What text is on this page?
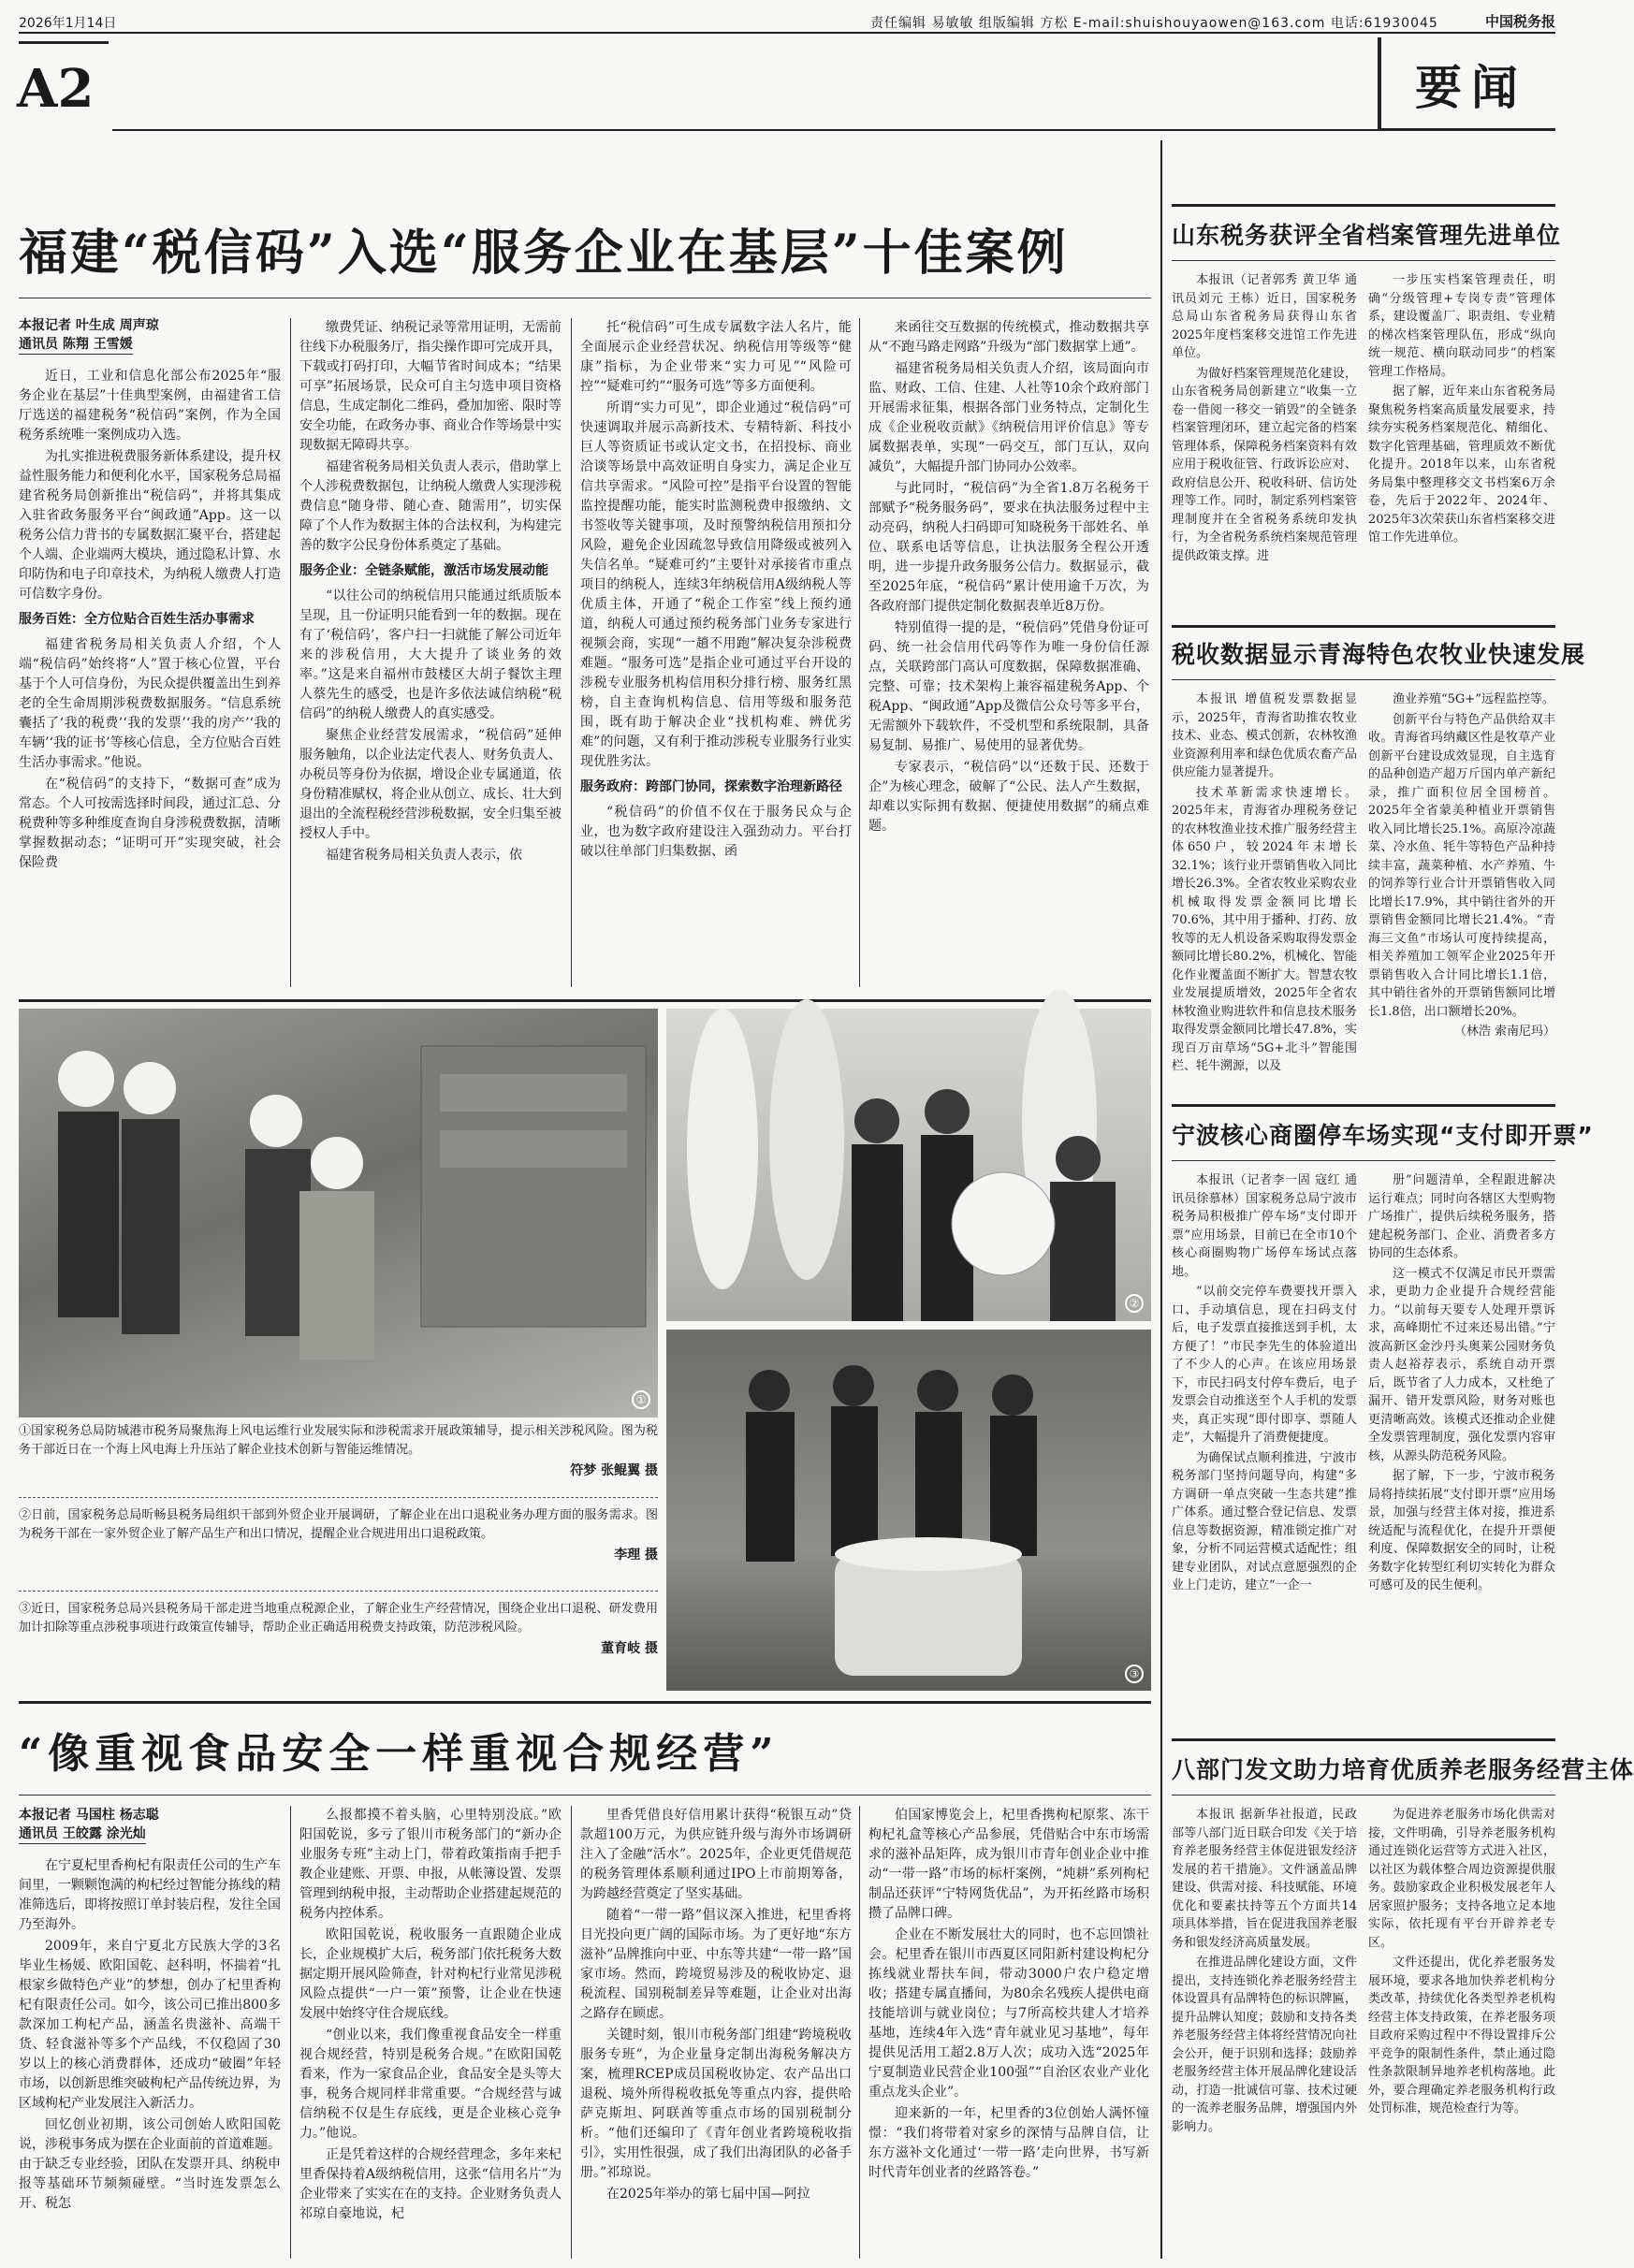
2026年1月14日	责任编辑 易敏敏 组版编辑 方松 E-mail:shuishouyaowen@163.com 电话:61930045	中国税务报
A2	要闻
福建“税信码”入选“服务企业在基层”十佳案例
本报记者 叶生成 周声琼
通讯员 陈翔 王雪媛

近日，工业和信息化部公布2025年“服务企业在基层”十佳典型案例，由福建省工信厅选送的福建税务“税信码”案例，作为全国税务系统唯一案例成功入选。

为扎实推进税费服务新体系建设，提升权益性服务能力和便利化水平，国家税务总局福建省税务局创新推出“税信码”，并将其集成入驻省政务服务平台“闽政通”App。这一以税务公信力背书的专属数据汇聚平台，搭建起个人端、企业端两大模块，通过隐私计算、水印防伪和电子印章技术，为纳税人缴费人打造可信数字身份。

服务百姓：全方位贴合百姓生活办事需求

福建省税务局相关负责人介绍，个人端“税信码”始终将“人”置于核心位置，平台基于个人可信身份，为民众提供覆盖出生到养老的全生命周期涉税费数据服务。“信息系统囊括了‘我的税费’‘我的发票’‘我的房产’‘我的车辆’‘我的证书’等核心信息，全方位贴合百姓生活办事需求。”他说。

在“税信码”的支持下，“数据可查”成为常态。个人可按需选择时间段，通过汇总、分税费种等多种维度查询自身涉税费数据，清晰掌握数据动态；“证明可开”实现突破，社会保险费

缴费凭证、纳税记录等常用证明，无需前往线下办税服务厅，指尖操作即可完成开具，下载或打码打印，大幅节省时间成本；“结果可享”拓展场景，民众可自主匀选申项目资格信息，生成定制化二维码，叠加加密、限时等安全功能，在政务办事、商业合作等场景中实现数据无障碍共享。

福建省税务局相关负责人表示，借助掌上个人涉税费数据包，让纳税人缴费人实现涉税费信息“随身带、随心查、随需用”，切实保障了个人作为数据主体的合法权利，为构建完善的数字公民身份体系奠定了基础。

服务企业：全链条赋能，激活市场发展动能

“以往公司的纳税信用只能通过纸质版本呈现，且一份证明只能看到一年的数据。现在有了‘税信码’，客户扫一扫就能了解公司近年来的涉税信用，大大提升了谈业务的效率。”这是来自福州市鼓楼区大胡子餐饮主理人蔡先生的感受，也是许多依法诚信纳税“税信码”的纳税人缴费人的真实感受。

聚焦企业经营发展需求，“税信码”延伸服务触角，以企业法定代表人、财务负责人、办税员等身份为依据，增设企业专属通道，依身份精准赋权，将企业从创立、成长、壮大到退出的全流程税经营涉税数据，安全归集至被授权人手中。

福建省税务局相关负责人表示，依

托“税信码”可生成专属数字法人名片，能全面展示企业经营状况、纳税信用等级等“健康”指标，为企业带来“实力可见”“风险可控”“疑难可约”“服务可选”等多方面便利。

所谓“实力可见”，即企业通过“税信码”可快速调取并展示高新技术、专精特新、科技小巨人等资质证书或认定文书，在招投标、商业洽谈等场景中高效证明自身实力，满足企业互信共享需求。“风险可控”是指平台设置的智能监控提醒功能，能实时监测税费申报缴纳、文书签收等关键事项，及时预警纳税信用预扣分风险，避免企业因疏忽导致信用降级或被列入失信名单。“疑难可约”主要针对承接省市重点项目的纳税人，连续3年纳税信用A级纳税人等优质主体，开通了“税企工作室”线上预约通道，纳税人可通过预约税务部门业务专家进行视频会商，实现“一趟不用跑”解决复杂涉税费难题。“服务可选”是指企业可通过平台开设的涉税专业服务机构信用积分排行榜、服务红黑榜，自主查询机构信息、信用等级和服务范围，既有助于解决企业“找机构难、辨优劣难”的问题，又有利于推动涉税专业服务行业实现优胜劣汰。

服务政府：跨部门协同，探索数字治理新路径

“税信码”的价值不仅在于服务民众与企业，也为数字政府建设注入强劲动力。平台打破以往单部门归集数据、函

来函往交互数据的传统模式，推动数据共享从“不跑马路走网路”升级为“部门数据掌上通”。

福建省税务局相关负责人介绍，该局面向市监、财政、工信、住建、人社等10余个政府部门开展需求征集，根据各部门业务特点，定制化生成《企业税收贡献》《纳税信用评价信息》等专属数据表单，实现“一码交互，部门互认，双向减负”，大幅提升部门协同办公效率。

与此同时，“税信码”为全省1.8万名税务干部赋予“税务服务码”，要求在执法服务过程中主动亮码，纳税人扫码即可知晓税务干部姓名、单位、联系电话等信息，让执法服务全程公开透明，进一步提升政务服务公信力。数据显示，截至2025年底，“税信码”累计使用逾千万次，为各政府部门提供定制化数据表单近8万份。

特别值得一提的是，“税信码”凭借身份证可码、统一社会信用代码等作为唯一身份信任源点，关联跨部门高认可度数据，保障数据准确、完整、可靠；技术架构上兼容福建税务App、个税App、“闽政通”App及微信公众号等多平台，无需额外下载软件，不受机型和系统限制，具备易复制、易推广、易使用的显著优势。

专家表示，“税信码”以“还数于民、还数于企”为核心理念，破解了“公民、法人产生数据，却难以实际拥有数据、便捷使用数据”的痛点难题。

①
②
③
①国家税务总局防城港市税务局聚焦海上风电运维行业发展实际和涉税需求开展政策辅导，提示相关涉税风险。图为税务干部近日在一个海上风电海上升压站了解企业技术创新与智能运维情况。
符梦 张鲲翼 摄
②日前，国家税务总局昕畅县税务局组织干部到外贸企业开展调研，了解企业在出口退税业务办理方面的服务需求。图为税务干部在一家外贸企业了解产品生产和出口情况，提醒企业合规进用出口退税政策。
李理 摄
③近日，国家税务总局兴县税务局干部走进当地重点税源企业，了解企业生产经营情况，围绕企业出口退税、研发费用加计扣除等重点涉税事项进行政策宣传辅导，帮助企业正确适用税费支持政策，防范涉税风险。
董育岐 摄
“像重视食品安全一样重视合规经营”
本报记者 马国柱 杨志聪
通讯员 王皎露 涂光灿

在宁夏杞里香枸杞有限责任公司的生产车间里，一颗颗饱满的枸杞经过智能分拣线的精准筛选后，即将按照订单封装启程，发往全国乃至海外。

2009年，来自宁夏北方民族大学的3名毕业生杨媛、欧阳国乾、赵科明，怀揣着“扎根家乡做特色产业”的梦想，创办了杞里香枸杞有限责任公司。如今，该公司已推出800多款深加工枸杞产品，涵盖名贵滋补、高端干货、轻食滋补等多个产品线，不仅稳固了30岁以上的核心消费群体，还成功“破圈”年轻市场，以创新思维突破枸杞产品传统边界，为区域枸杞产业发展注入新活力。

回忆创业初期，该公司创始人欧阳国乾说，涉税事务成为摆在企业面前的首道难题。由于缺乏专业经验，团队在发票开具、纳税申报等基础环节频频碰壁。“当时连发票怎么开、税怎

么报都摸不着头脑，心里特别没底。”欧阳国乾说，多亏了银川市税务部门的“新办企业服务专班”主动上门，带着政策指南手把手教企业建账、开票、申报，从帐簿设置、发票管理到纳税申报，主动帮助企业搭建起规范的税务内控体系。

欧阳国乾说，税收服务一直跟随企业成长，企业规模扩大后，税务部门依托税务大数据定期开展风险筛查，针对枸杞行业常见涉税风险点提供“一户一策”预警，让企业在快速发展中始终守住合规底线。

“创业以来，我们像重视食品安全一样重视合规经营，特别是税务合规。”在欧阳国乾看来，作为一家食品企业，食品安全是头等大事，税务合规同样非常重要。“合规经营与诚信纳税不仅是生存底线，更是企业核心竞争力。”他说。

正是凭着这样的合规经营理念，多年来杞里香保持着A级纳税信用，这张“信用名片”为企业带来了实实在在的支持。企业财务负责人祁琼自豪地说，杞

里香凭借良好信用累计获得“税银互动”贷款超100万元，为供应链升级与海外市场调研注入了金融“活水”。2025年，企业更凭借规范的税务管理体系顺利通过IPO上市前期筹备，为跨越经营奠定了坚实基础。

随着“一带一路”倡议深入推进，杞里香将目光投向更广阔的国际市场。为了更好地“东方滋补”品牌推向中亚、中东等共建“一带一路”国家市场。然而，跨境贸易涉及的税收协定、退税流程、国别税制差异等难题，让企业对出海之路存在顾虑。

关键时刻，银川市税务部门组建“跨境税收服务专班”，为企业量身定制出海税务解决方案，梳理RCEP成员国税收协定、农产品出口退税、境外所得税收抵免等重点内容，提供哈萨克斯坦、阿联酋等重点市场的国别税制分析。“他们还编印了《青年创业者跨境税收指引》，实用性很强，成了我们出海团队的必备手册。”祁琼说。

在2025年举办的第七届中国—阿拉

伯国家博览会上，杞里香携枸杞原浆、冻干枸杞礼盒等核心产品参展，凭借贴合中东市场需求的滋补品矩阵，成为银川市青年创业企业中推动“一带一路”市场的标杆案例，“炖耕”系列枸杞制品还获评“宁特网货优品”，为开拓丝路市场积攒了品牌口碑。

企业在不断发展壮大的同时，也不忘回馈社会。杞里香在银川市西夏区同阳新村建设枸杞分拣线就业帮扶车间，带动3000户农户稳定增收；搭建专属直播间，为80余名残疾人提供电商技能培训与就业岗位；与7所高校共建人才培养基地，连续4年入选“青年就业见习基地”，每年提供见活用工超2.8万人次；成功入选“2025年宁夏制造业民营企业100强”“自治区农业产业化重点龙头企业”。

迎来新的一年，杞里香的3位创始人满怀憧憬：“我们将带着对家乡的深情与品牌自信，让东方滋补文化通过‘一带一路’走向世界，书写新时代青年创业者的丝路答卷。”

山东税务获评全省档案管理先进单位

本报讯（记者郭秀 黄卫华 通讯员刘元 王栋）近日，国家税务总局山东省税务局获得山东省2025年度档案移交进馆工作先进单位。

为做好档案管理规范化建设，山东省税务局创新建立“收集一立卷一借阅一移交一销毁”的全链条档案管理闭环，建立起完备的档案管理体系，保障税务档案资料有效应用于税收征管、行政诉讼应对、政府信息公开、税收科研、信访处理等工作。同时，制定系列档案管理制度并在全省税务系统印发执行，为全省税务系统档案规范管理提供政策支撑。进

一步压实档案管理责任，明确“分级管理+专岗专责”管理体系，建设覆盖厂、职责组、专业精的梯次档案管理队伍，形成“纵向统一规范、横向联动同步”的档案管理工作格局。

据了解，近年来山东省税务局聚焦税务档案高质量发展要求，持续夯实税务档案规范化、精细化、数字化管理基础，管理质效不断优化提升。2018年以来，山东省税务局集中整理移交文书档案6万余卷，先后于2022年、2024年、2025年3次荣获山东省档案移交进馆工作先进单位。

税收数据显示青海特色农牧业快速发展

本报讯 增值税发票数据显示，2025年，青海省助推农牧业技术、业态、模式创新，农林牧渔业资源利用率和绿色优质农畜产品供应能力显著提升。

技术革新需求快速增长。2025年末，青海省办理税务登记的农林牧渔业技术推广服务经营主体650户，较2024年末增长32.1%；该行业开票销售收入同比增长26.3%。全省农牧业采购农业机械取得发票金额同比增长70.6%，其中用于播种、打药、放牧等的无人机设备采购取得发票金额同比增长80.2%，机械化、智能化作业覆盖面不断扩大。智慧农牧业发展提质增效，2025年全省农林牧渔业购进软件和信息技术服务取得发票金额同比增长47.8%，实现百万亩草场“5G+北斗”智能围栏、牦牛溯源，以及

渔业养殖“5G+”远程监控等。

创新平台与特色产品供给双丰收。青海省玛纳藏区性是牧草产业创新平台建设成效显现，自主选育的品种创造产超万斤国内单产新纪录，推广面积位居全国榜首。2025年全省蒙美种植业开票销售收入同比增长25.1%。高原冷凉蔬菜、冷水鱼、牦牛等特色产品种持续丰富，蔬菜种植、水产养殖、牛的饲养等行业合计开票销售收入同比增长17.9%，其中销往省外的开票销售金额同比增长21.4%。“青海三文鱼”市场认可度持续提高，相关养殖加工领军企业2025年开票销售收入合计同比增长1.1倍，其中销往省外的开票销售额同比增长1.8倍，出口额增长20%。

（林浩 索南尼玛）

宁波核心商圈停车场实现“支付即开票”

本报讯（记者李一固 寇红 通讯员徐慕林）国家税务总局宁波市税务局积极推广停车场“支付即开票”应用场景，目前已在全市10个核心商圈购物广场停车场试点落地。

“以前交完停车费要找开票入口、手动填信息，现在扫码支付后，电子发票直接推送到手机，太方便了！”市民李先生的体验道出了不少人的心声。在该应用场景下，市民扫码支付停车费后，电子发票会自动推送至个人手机的发票夹，真正实现“即付即享、票随人走”，大幅提升了消费便捷度。

为确保试点顺利推进，宁波市税务部门坚持问题导向，构建“多方调研一单点突破一生态共建”推广体系。通过整合登记信息、发票信息等数据资源，精准锁定推广对象，分析不同运营模式适配性；组建专业团队，对试点意愿强烈的企业上门走访，建立“一企一

册”问题清单，全程跟进解决运行难点；同时向各辖区大型购物广场推广，提供后续税务服务，搭建起税务部门、企业、消费者多方协同的生态体系。

这一模式不仅满足市民开票需求，更助力企业提升合规经营能力。“以前每天要专人处理开票诉求，高峰期忙不过来还易出错。”宁波高新区金沙丹头奥莱公园财务负责人赵裕荐表示，系统自动开票后，既节省了人力成本，又杜绝了漏开、错开发票风险，财务对账也更清晰高效。该模式还推动企业健全发票管理制度，强化发票内容审核，从源头防范税务风险。

据了解，下一步，宁波市税务局将持续拓展“支付即开票”应用场景，加强与经营主体对接，推进系统适配与流程优化，在提升开票便利度、保障数据安全的同时，让税务数字化转型红利切实转化为群众可感可及的民生便利。

八部门发文助力培育优质养老服务经营主体

本报讯 据新华社报道，民政部等八部门近日联合印发《关于培育养老服务经营主体促进银发经济发展的若干措施》。文件涵盖品牌建设、供需对接、科技赋能、环境优化和要素扶持等五个方面共14项具体举措，旨在促进我国养老服务和银发经济高质量发展。

在推进品牌化建设方面，文件提出，支持连锁化养老服务经营主体设置具有品牌特色的标识牌匾，提升品牌认知度；鼓励和支持各类养老服务经营主体将经营情况向社会公开，便于识别和选择；鼓励养老服务经营主体开展品牌化建设活动，打造一批诚信可靠、技术过硬的一流养老服务品牌，增强国内外影响力。

为促进养老服务市场化供需对接，文件明确，引导养老服务机构通过连锁化运营等方式进入社区，以社区为载体整合周边资源提供服务。鼓励家政企业积极发展老年人居家照护服务；支持各地立足本地实际，依托现有平台开辟养老专区。

文件还提出，优化养老服务发展环境，要求各地加快养老机构分类改革，持续优化各类型养老机构经营主体支持政策，在养老服务项目政府采购过程中不得设置排斥公平竞争的限制性条件，禁止通过隐性条款限制异地养老机构落地。此外，要合理确定养老服务机构行政处罚标准，规范检查行为等。
